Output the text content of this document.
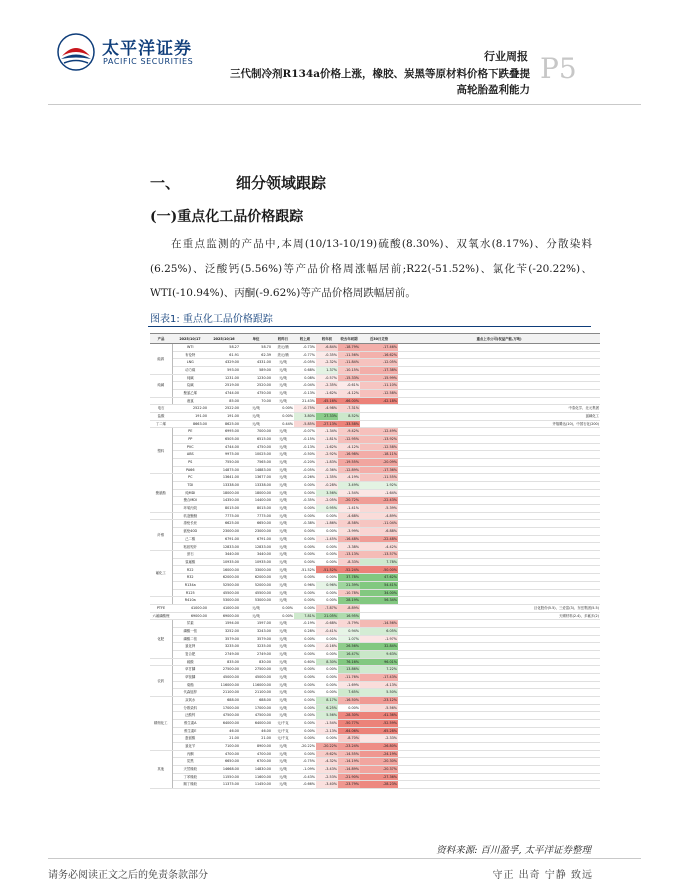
太平洋证券
PACIFIC SECURITIES	行业周报
三代制冷剂R134a价格上涨，橡胶、炭黑等原材料价格下跌叠提
高轮胎盈利能力
P5
一、	细分领域跟踪
(一)重点化工品价格跟踪
在重点监测的产品中,本周(10/13-10/19)硫酸(8.30%)、双氧水(8.17%)、分散染料(6.25%)、泛酸钙(5.56%)等产品价格周涨幅居前;R22(-51.52%)、氯化苄(-20.22%)、WTI(-10.94%)、丙酮(-9.62%)等产品价格周跌幅居前。
图表1: 重点化工品价格跟踪
产品	2025/10/17	2025/10/16	单位	较昨日	较上周	较年初	较去年同期	近30日走势	重点上市公司(权益产能,万吨)	
能源	WTI	58.27	58.70	美元/桶	-0.73%	-6.84%	-18.79%	-17.46%		
	布伦特	61.91	62.39	美元/桶	-0.77%	-0.35%	-11.56%	-16.62%		
	LNG	4329.00	4331.00	元/吨	-0.05%	-2.32%	-11.84%	-12.05%		
	动力煤	593.00	589.00	元/吨	0.68%	1.37%	-10.15%	-17.38%		
纯碱	纯碱	1231.00	1230.00	元/吨	0.08%	-0.57%	-15.33%	-15.99%		
	烧碱	2519.00	2520.00	元/吨	-0.04%	-2.35%	-0.61%	-11.10%		
	聚氯乙烯	4744.00	4750.00	元/吨	-0.13%	-1.62%	-4.12%	-12.58%		
	液氯	85.00	70.00	元/吨	21.43%	-45.16%	-66.00%	-42.18%		
电石	2522.00	2522.00	元/吨	0.00%	-0.75%	-4.98%	-7.31%		中泰化学、北元集团	
盐酸	191.00	191.00	元/吨	0.00%	3.80%	27.33%	8.52%		氯碱化工	
丁二烯	8663.00	8625.00	元/吨	0.44%	-5.85%	-27.13%	-33.58%		齐翔腾达(10)、中国石化(200)	
塑料	PE	6995.00	7000.00	元/吨	-0.07%	-1.34%	-9.42%	-12.49%		
	PP	6505.00	6515.00	元/吨	-0.15%	-1.81%	-12.95%	-13.92%		
	PVC	4744.00	4750.00	元/吨	-0.13%	-1.62%	-4.12%	-12.58%		
	ABS	9975.00	10025.00	元/吨	-0.50%	-2.92%	-16.98%	-18.11%		
	PS	7550.00	7565.00	元/吨	-0.20%	-1.83%	-19.55%	-20.09%		
	PA66	14875.00	14883.00	元/吨	-0.05%	-0.36%	-12.89%	-17.36%		
聚氨酯	PC	13641.00	13677.00	元/吨	-0.26%	-1.35%	-4.19%	-11.55%		
	TDI	13338.00	13338.00	元/吨	0.00%	-0.28%	3.49%	1.92%		
	纯MDI	18000.00	18000.00	元/吨	0.00%	3.56%	-1.54%	-1.64%		
	聚合MDI	14350.00	14400.00	元/吨	-0.35%	-2.05%	-20.72%	-22.43%		
	环氧丙烷	8015.00	8015.00	元/吨	0.00%	0.95%	-1.41%	-5.39%		
	软泡聚醚	7775.00	7775.00	元/吨	0.00%	0.00%	-4.68%	-4.89%		
纤维	涤纶长丝	6625.00	6650.00	元/吨	-0.38%	-1.86%	-8.58%	-11.04%		
	氨纶40D	23000.00	23000.00	元/吨	0.00%	0.00%	-3.99%	-6.88%		
	己二酸	6791.00	6791.00	元/吨	0.00%	-1.45%	-16.48%	-22.48%		
	粘胶短纤	12833.00	12833.00	元/吨	0.00%	0.00%	-3.38%	-4.42%		
氟化工	萤石	3440.00	3440.00	元/吨	0.00%	0.00%	-13.13%	-13.57%		
	氢氟酸	10935.00	10935.00	元/吨	0.00%	0.00%	-8.33%	7.78%		
	R22	16000.00	33000.00	元/吨	-51.52%	-51.52%	-52.24%	-50.00%		
	R32	62000.00	62000.00	元/吨	0.00%	0.00%	37.78%	47.62%		
	R134a	52500.00	52000.00	元/吨	0.96%	0.96%	21.39%	54.41%		
	R125	45500.00	45500.00	元/吨	0.00%	0.00%	-10.78%	34.00%		
	R410a	53000.00	53000.00	元/吨	0.00%	0.00%	28.19%	56.34%		
PTFE	41000.00	41000.00	元/吨	0.00%	0.00%	-7.87%	-8.89%		巨化股份(5.5)、三爱富(3)、东岳集团(5.5)	
六氟磷酸锂	69000.00	69000.00	元/吨	0.00%	7.81%	21.05%	16.95%		天赐材料(2.4)、多氟多(2)	
化肥	尿素	1594.00	1597.00	元/吨	-0.19%	-0.68%	-5.79%	-14.56%		
	磷酸一铵	3252.00	3243.00	元/吨	0.28%	-0.41%	0.94%	6.05%		
	磷酸二铵	3579.00	3579.00	元/吨	0.00%	0.00%	1.07%	-1.97%		
	氯化钾	3235.00	3235.00	元/吨	0.00%	-0.16%	26.56%	32.84%		
	复合肥	2749.00	2749.00	元/吨	0.00%	0.00%	16.47%	9.63%		
	硫酸	835.00	830.00	元/吨	0.60%	8.30%	76.16%	96.01%		
农药	草甘膦	27500.00	27500.00	元/吨	0.00%	0.00%	13.86%	7.22%		
	草铵膦	45000.00	45000.00	元/吨	0.00%	0.00%	-11.76%	-17.43%		
	菊酯	116000.00	116000.00	元/吨	0.00%	0.00%	-1.69%	-4.13%		
	代森锰锌	21100.00	21100.00	元/吨	0.00%	0.00%	7.65%	5.50%		
精细化工	双氧水	688.00	688.00	元/吨	0.00%	8.17%	-16.50%	-23.12%		
	分散染料	17000.00	17000.00	元/吨	0.00%	6.25%	0.00%	-5.56%		
	泛酸钙	47500.00	47500.00	元/吨	0.00%	5.56%	-28.30%	-41.36%		
	维生素A	64000.00	64000.00	元/千克	0.00%	-1.54%	-50.77%	-52.59%		
	维生素E	46.00	46.00	元/千克	0.00%	-2.13%	-64.06%	-65.28%		
	蛋氨酸	21.00	21.00	元/千克	0.00%	0.00%	-8.70%	-2.33%		
	氯化苄	7100.00	8900.00	元/吨	-20.22%	-20.22%	-23.24%	-26.80%		
其他	丙酮	4700.00	4700.00	元/吨	0.00%	-9.62%	-14.55%	-24.19%		
	炭黑	6650.00	6700.00	元/吨	-0.75%	-4.32%	-14.19%	-20.30%		
	天然橡胶	14668.00	14830.00	元/吨	-1.09%	-3.43%	-14.89%	-20.37%		
	丁苯橡胶	11550.00	11600.00	元/吨	-0.43%	-2.53%	-21.90%	-27.36%		
	顺丁橡胶	11375.00	11450.00	元/吨	-0.66%	-3.40%	-23.79%	-28.23%		
资料来源: 百川盈孚, 太平洋证券整理
请务必阅读正文之后的免责条款部分	守正 出奇 宁静 致远
